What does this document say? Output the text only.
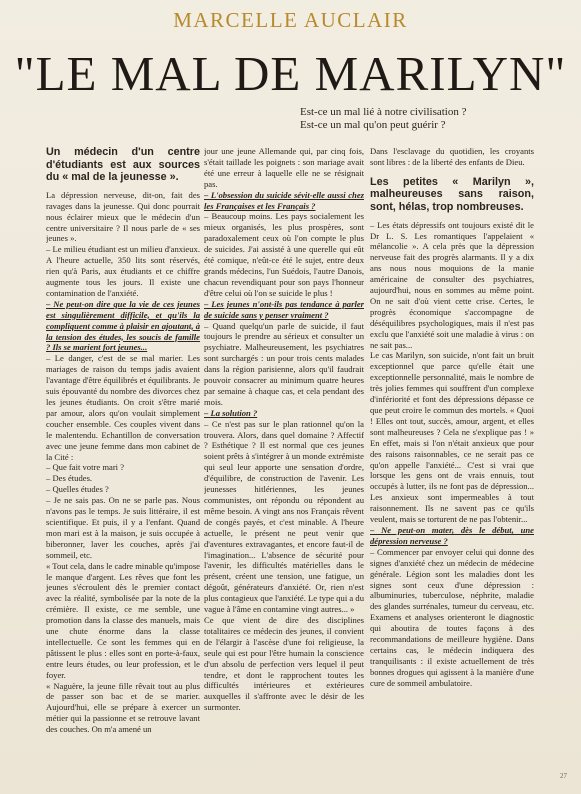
MARCELLE AUCLAIR
"LE MAL DE MARILYN"
Est-ce un mal lié à notre civilisation ?
Est-ce un mal qu'on peut guérir ?

Un médecin d'un centre d'étudiants est aux sources du « mal de la jeunesse ».

La dépression nerveuse, dit-on, fait des ravages dans la jeunesse. Qui donc pourrait nous éclairer mieux que le médecin d'un centre universitaire ? Il nous parle de « ses jeunes ».

– Le milieu étudiant est un milieu d'anxieux. A l'heure actuelle, 350 lits sont réservés, rien qu'à Paris, aux étudiants et ce chiffre augmente tous les jours. Il existe une contamination de l'anxiété.

– Ne peut-on dire que la vie de ces jeunes est singulièrement difficile, et qu'ils la compliquent comme à plaisir en ajoutant, à la tension des études, les soucis de famille ? Ils se marient fort jeunes...

– Le danger, c'est de se mal marier. Les mariages de raison du temps jadis avaient l'avantage d'être équilibrés et équilibrants. Je suis épouvanté du nombre des divorces chez les jeunes étudiants. On croit s'être marié par amour, alors qu'on voulait simplement coucher ensemble. Ces couples vivent dans le malentendu. Echantillon de conversation avec une jeune femme dans mon cabinet de la Cité :

– Que fait votre mari ?

– Des études.

– Quelles études ?

– Je ne sais pas. On ne se parle pas. Nous n'avons pas le temps. Je suis littéraire, il est scientifique. Et puis, il y a l'enfant. Quand mon mari est à la maison, je suis occupée à biberonner, laver les couches, après j'ai sommeil, etc.

« Tout cela, dans le cadre minable qu'impose le manque d'argent. Les rêves que font les jeunes s'écroulent dès le premier contact avec la réalité, symbolisée par la note de la crémière. Il existe, ce me semble, une promotion dans la classe des manuels, mais une chute énorme dans la classe intellectuelle. Ce sont les femmes qui en pâtissent le plus : elles sont en porte-à-faux, entre leurs études, ou leur profession, et le foyer.

« Naguère, la jeune fille rêvait tout au plus de passer son bac et de se marier. Aujourd'hui, elle se prépare à exercer un métier qui la passionne et se retrouve lavant des couches. On m'a amené un

jour une jeune Allemande qui, par cinq fois, s'était taillade les poignets : son mariage avait été une erreur à laquelle elle ne se résignait pas.

– L'obsession du suicide sévit-elle aussi chez les Françaises et les Français ?

– Beaucoup moins. Les pays socialement les mieux organisés, les plus prospères, sont paradoxalement ceux où l'on compte le plus de suicides. J'ai assisté à une querelle qui eût été comique, n'eût-ce été le sujet, entre deux grands médecins, l'un Suédois, l'autre Danois, chacun revendiquant pour son pays l'honneur d'être celui où l'on se suicide le plus !

– Les jeunes n'ont-ils pas tendance à parler de suicide sans y penser vraiment ?

– Quand quelqu'un parle de suicide, il faut toujours le prendre au sérieux et consulter un psychiatre. Malheureusement, les psychiatres sont surchargés : un pour trois cents malades dans la région parisienne, alors qu'il faudrait pouvoir consacrer au minimum quatre heures par semaine à chaque cas, et cela pendant des mois.

– La solution ?

– Ce n'est pas sur le plan rationnel qu'on la trouvera. Alors, dans quel domaine ? Affectif ? Esthétique ? Il est normal que ces jeunes soient prêts à s'intégrer à un monde extrémiste qui seul leur apporte une sensation d'ordre, d'équilibre, de construction de l'avenir. Les jeunesses hitlériennes, les jeunes communistes, ont répondu ou répondent au même besoin. A vingt ans nos Français rêvent de congés payés, et c'est minable. A l'heure actuelle, le présent ne peut venir que d'aventures extravagantes, et encore faut-il de l'imagination... L'absence de sécurité pour l'avenir, les difficultés matérielles dans le présent, créent une tension, une fatigue, un dégoût, générateurs d'anxiété. Or, rien n'est plus contagieux que l'anxiété. Le type qui a du vague à l'âme en contamine vingt autres... »

Ce que vient de dire des disciplines totalitaires ce médecin des jeunes, il convient de l'élargir à l'ascèse d'une foi religieuse, la seule qui est pour l'être humain la conscience d'un absolu de perfection vers lequel il peut tendre, et dont le rapprochent toutes les difficultés intérieures et extérieures auxquelles il s'affronte avec le désir de les surmonter.

Dans l'esclavage du quotidien, les croyants sont libres : de la liberté des enfants de Dieu.

Les petites « Marilyn », malheureuses sans raison, sont, hélas, trop nombreuses.

– Les états dépressifs ont toujours existé dit le Dr L. S. Les romantiques l'appelaient « mélancolie ». A cela près que la dépression nerveuse fait des progrès alarmants. Il y a dix ans nous nous moquions de la manie américaine de consulter des psychiatres, aujourd'hui, nous en sommes au même point. On ne sait d'où vient cette crise. Certes, le progrès économique s'accompagne de déséquilibres psychologiques, mais il n'est pas exclu que l'anxiété soit une maladie à virus : on ne sait pas...

Le cas Marilyn, son suicide, n'ont fait un bruit exceptionnel que parce qu'elle était une exceptionnelle personnalité, mais le nombre de très jolies femmes qui souffrent d'un complexe d'infériorité et font des dépressions dépasse ce que peut croire le commun des mortels. « Quoi ! Elles ont tout, succès, amour, argent, et elles sont malheureuses ? Cela ne s'explique pas ! » En effet, mais si l'on n'était anxieux que pour des raisons raisonnables, ce ne serait pas ce qu'on appelle l'anxiété... C'est si vrai que lorsque les gens ont de vrais ennuis, tout occupés à lutter, ils ne font pas de dépression... Les anxieux sont impermeables à tout raisonnement. Ils ne savent pas ce qu'ils veulent, mais se torturent de ne pas l'obtenir...

– Ne peut-on mater, dès le début, une dépression nerveuse ?

– Commencer par envoyer celui qui donne des signes d'anxiété chez un médecin de médecine générale. Légion sont les maladies dont les signes sont ceux d'une dépression : albuminuries, tuberculose, néphrite, maladie des glandes surrénales, tumeur du cerveau, etc. Examens et analyses orienteront le diagnostic qui aboutira de toutes façons à des recommandations de meilleure hygiène. Dans certains cas, le médecin indiquera des tranquilisants : il existe actuellement de très bonnes drogues qui agissent à la manière d'une cure de sommeil ambulatoire.

27
